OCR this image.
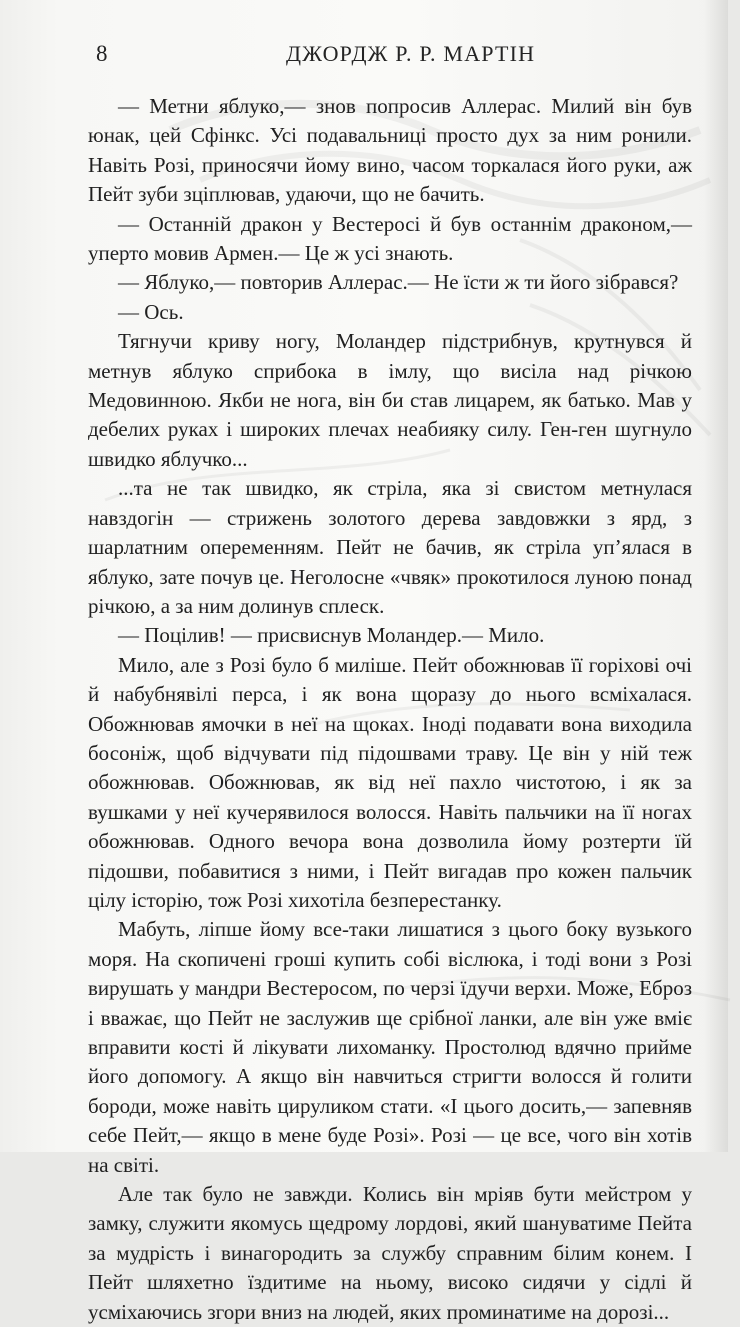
8	ДЖОРДЖ Р. Р. МАРТІН

— Метни яблуко,— знов попросив Аллерас. Милий він був юнак, цей Сфінкс. Усі подавальниці просто дух за ним ронили. Навіть Розі, приносячи йому вино, часом торкалася його руки, аж Пейт зуби зціплював, удаючи, що не бачить.

— Останній дракон у Вестеросі й був останнім драконом,— уперто мовив Армен.— Це ж усі знають.

— Яблуко,— повторив Аллерас.— Не їсти ж ти його зібрався?

— Ось.

Тягнучи криву ногу, Моландер підстрибнув, крутнувся й метнув яблуко сприбока в імлу, що висіла над річкою Медовинною. Якби не нога, він би став лицарем, як батько. Мав у дебелих руках і широких плечах неабияку силу. Ген-ген шугнуло швидко яблучко...

...та не так швидко, як стріла, яка зі свистом метнулася навздогін — стрижень золотого дерева завдовжки з ярд, з шарлатним опеременням. Пейт не бачив, як стріла уп’ялася в яблуко, зате почув це. Неголосне «чвяк» прокотилося луною понад річкою, а за ним долинув сплеск.

— Поцілив! — присвиснув Моландер.— Мило.

Мило, але з Розі було б миліше. Пейт обожнював її горіхові очі й набубнявілі перса, і як вона щоразу до нього всміхалася. Обожнював ямочки в неї на щоках. Іноді подавати вона виходила босоніж, щоб відчувати під підошвами траву. Це він у ній теж обожнював. Обожнював, як від неї пахло чистотою, і як за вушками у неї кучерявилося волосся. Навіть пальчики на її ногах обожнював. Одного вечора вона дозволила йому розтерти їй підошви, побавитися з ними, і Пейт вигадав про кожен пальчик цілу історію, тож Розі хихотіла безперестанку.

Мабуть, ліпше йому все-таки лишатися з цього боку вузького моря. На скопичені гроші купить собі віслюка, і тоді вони з Розі вирушать у мандри Вестеросом, по черзі їдучи верхи. Може, Еброз і вважає, що Пейт не заслужив ще срібної ланки, але він уже вміє вправити кості й лікувати лихоманку. Простолюд вдячно прийме його допомогу. А якщо він навчиться стригти волосся й голити бороди, може навіть цируликом стати. «І цього досить,— запевняв себе Пейт,— якщо в мене буде Розі». Розі — це все, чого він хотів на світі.

Але так було не завжди. Колись він мріяв бути мейстром у замку, служити якомусь щедрому лордові, який шануватиме Пейта за мудрість і винагородить за службу справним білим конем. І Пейт шляхетно їздитиме на ньому, високо сидячи у сідлі й усміхаючись згори вниз на людей, яких проминатиме на дорозі...
